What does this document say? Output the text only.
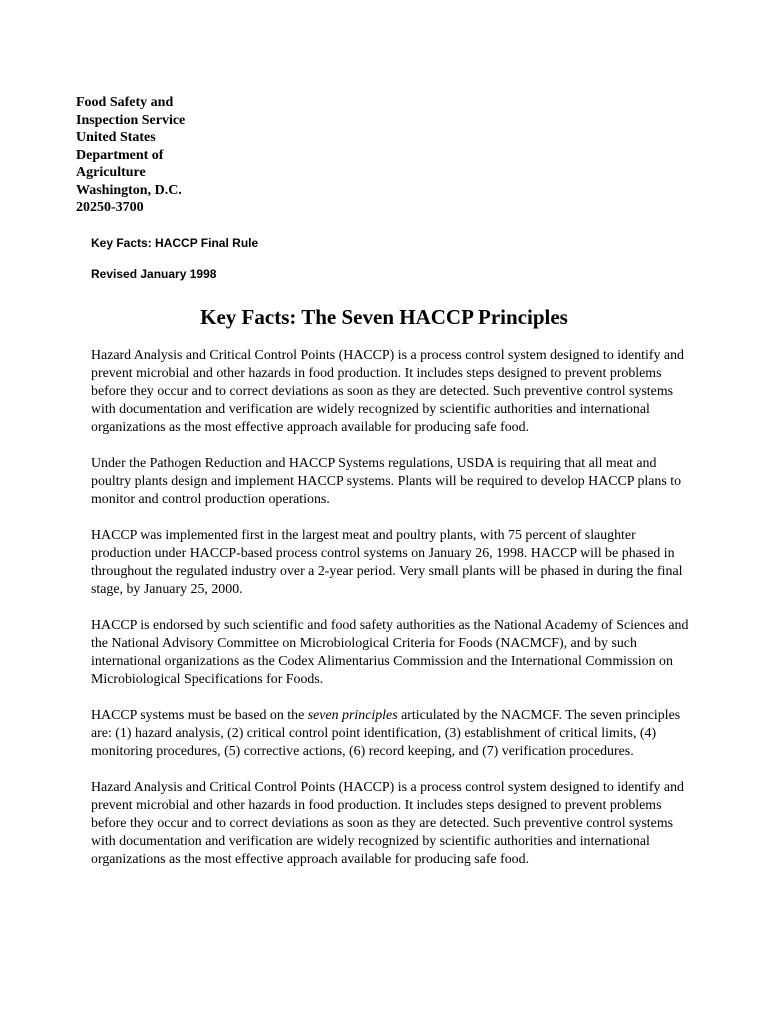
Food Safety and
Inspection Service
United States
Department of
Agriculture
Washington, D.C.
20250-3700
Key Facts: HACCP Final Rule
Revised January 1998
Key Facts: The Seven HACCP Principles

Hazard Analysis and Critical Control Points (HACCP) is a process control system designed to identify and prevent microbial and other hazards in food production. It includes steps designed to prevent problems before they occur and to correct deviations as soon as they are detected. Such preventive control systems with documentation and verification are widely recognized by scientific authorities and international organizations as the most effective approach available for producing safe food.

Under the Pathogen Reduction and HACCP Systems regulations, USDA is requiring that all meat and poultry plants design and implement HACCP systems. Plants will be required to develop HACCP plans to monitor and control production operations.

HACCP was implemented first in the largest meat and poultry plants, with 75 percent of slaughter production under HACCP-based process control systems on January 26, 1998. HACCP will be phased in throughout the regulated industry over a 2-year period. Very small plants will be phased in during the final stage, by January 25, 2000.

HACCP is endorsed by such scientific and food safety authorities as the National Academy of Sciences and the National Advisory Committee on Microbiological Criteria for Foods (NACMCF), and by such international organizations as the Codex Alimentarius Commission and the International Commission on Microbiological Specifications for Foods.

HACCP systems must be based on the seven principles articulated by the NACMCF. The seven principles are: (1) hazard analysis, (2) critical control point identification, (3) establishment of critical limits, (4) monitoring procedures, (5) corrective actions, (6) record keeping, and (7) verification procedures.

Hazard Analysis and Critical Control Points (HACCP) is a process control system designed to identify and prevent microbial and other hazards in food production. It includes steps designed to prevent problems before they occur and to correct deviations as soon as they are detected. Such preventive control systems with documentation and verification are widely recognized by scientific authorities and international organizations as the most effective approach available for producing safe food.
